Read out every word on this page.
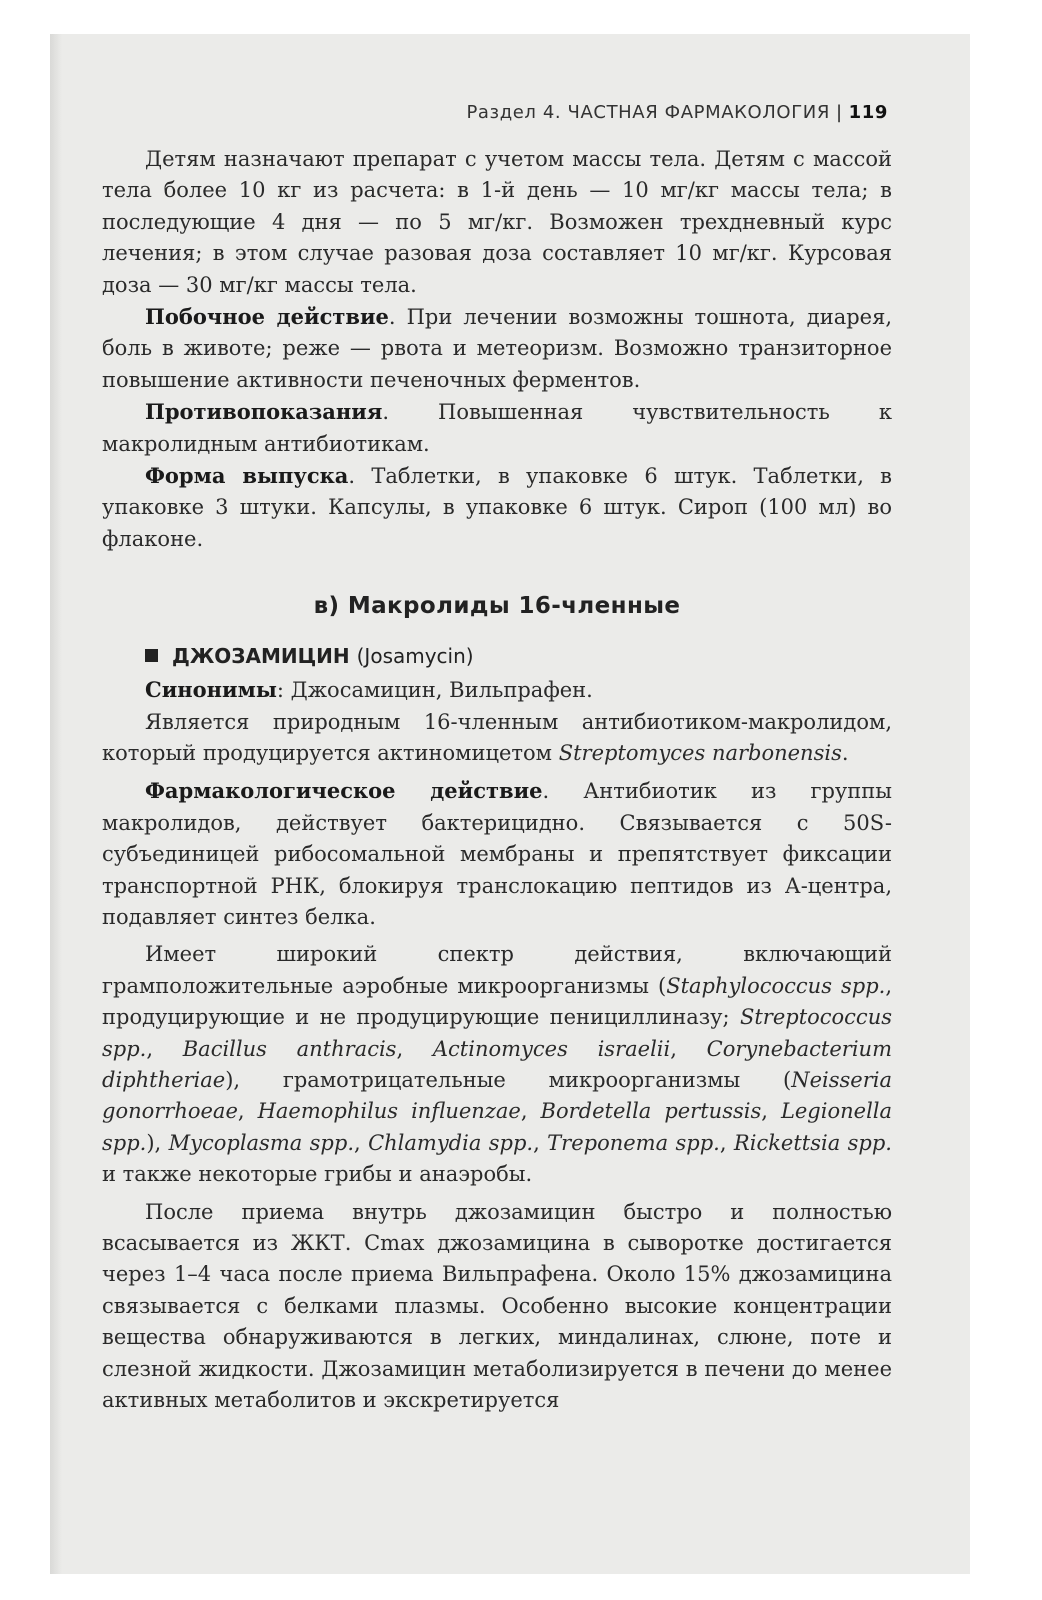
Раздел 4. ЧАСТНАЯ ФАРМАКОЛОГИЯ | 119

Детям назначают препарат с учетом массы тела. Детям с массой тела более 10 кг из расчета: в 1-й день — 10 мг/кг массы тела; в последующие 4 дня — по 5 мг/кг. Возможен трехдневный курс лечения; в этом случае разовая доза составляет 10 мг/кг. Курсовая доза — 30 мг/кг массы тела.

Побочное действие. При лечении возможны тошнота, диарея, боль в животе; реже — рвота и метеоризм. Возможно транзиторное повышение активности печеночных ферментов.

Противопоказания. Повышенная чувствительность к макролидным антибиотикам.

Форма выпуска. Таблетки, в упаковке 6 штук. Таблетки, в упаковке 3 штуки. Капсулы, в упаковке 6 штук. Сироп (100 мл) во флаконе.

в) Макролиды 16-членные
ДЖОЗАМИЦИН (Josamycin)

Синонимы: Джосамицин, Вильпрафен.

Является природным 16-членным антибиотиком-макролидом, который продуцируется актиномицетом Streptomyces narbonensis.

Фармакологическое действие. Антибиотик из группы макролидов, действует бактерицидно. Связывается с 50S-субъединицей рибосомальной мембраны и препятствует фиксации транспортной РНК, блокируя транслокацию пептидов из А-центра, подавляет синтез белка.

Имеет широкий спектр действия, включающий грамположительные аэробные микроорганизмы (Staphylococcus spp., продуцирующие и не продуцирующие пенициллиназу; Streptococcus spp., Bacillus anthracis, Actinomyces israelii, Corynebacterium diphtheriae), грамотрицательные микроорганизмы (Neisseria gonorrhoeae, Haemophilus influenzae, Bordetella pertussis, Legionella spp.), Mycoplasma spp., Chlamydia spp., Treponema spp., Rickettsia spp. и также некоторые грибы и анаэробы.

После приема внутрь джозамицин быстро и полностью всасывается из ЖКТ. Cmax джозамицина в сыворотке достигается через 1–4 часа после приема Вильпрафена. Около 15% джозамицина связывается с белками плазмы. Особенно высокие концентрации вещества обнаруживаются в легких, миндалинах, слюне, поте и слезной жидкости. Джозамицин метаболизируется в печени до менее активных метаболитов и экскретируется
